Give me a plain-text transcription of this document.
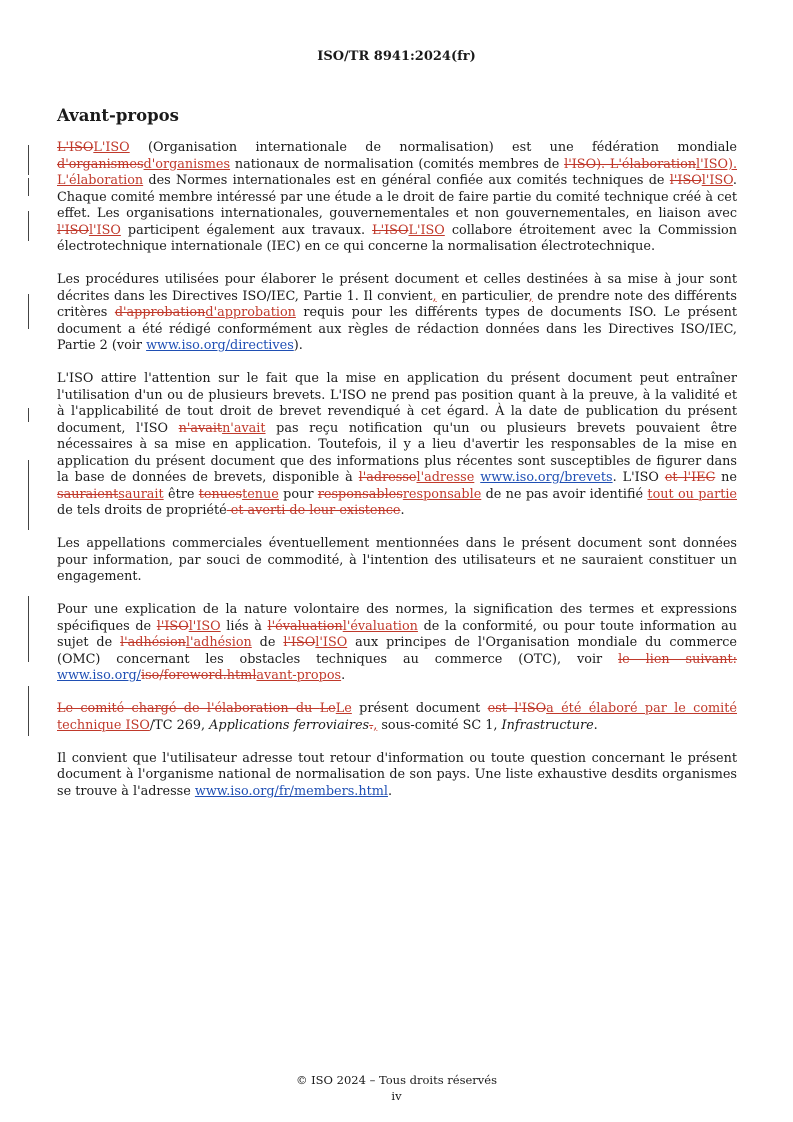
ISO/TR 8941:2024(fr)
Avant-propos

L'ISOL'ISO (Organisation internationale de normalisation) est une fédération mondiale d'organismesd'organismes nationaux de normalisation (comités membres de l'ISO). L'élaborationl'ISO). L'élaboration des Normes internationales est en général confiée aux comités techniques de l'ISOl'ISO. Chaque comité membre intéressé par une étude a le droit de faire partie du comité technique créé à cet effet. Les organisations internationales, gouvernementales et non gouvernementales, en liaison avec l'ISOl'ISO participent également aux travaux. L'ISOL'ISO collabore étroitement avec la Commission électrotechnique internationale (IEC) en ce qui concerne la normalisation électrotechnique.

Les procédures utilisées pour élaborer le présent document et celles destinées à sa mise à jour sont décrites dans les Directives ISO/IEC, Partie 1. Il convient, en particulier, de prendre note des différents critères d'approbationd'approbation requis pour les différents types de documents ISO. Le présent document a été rédigé conformément aux règles de rédaction données dans les Directives ISO/IEC, Partie 2 (voir www.iso.org/directives).

L'ISO attire l'attention sur le fait que la mise en application du présent document peut entraîner l'utilisation d'un ou de plusieurs brevets. L'ISO ne prend pas position quant à la preuve, à la validité et à l'applicabilité de tout droit de brevet revendiqué à cet égard. À la date de publication du présent document, l'ISO n'avaitn'avait pas reçu notification qu'un ou plusieurs brevets pouvaient être nécessaires à sa mise en application. Toutefois, il y a lieu d'avertir les responsables de la mise en application du présent document que des informations plus récentes sont susceptibles de figurer dans la base de données de brevets, disponible à l'adressel'adresse www.iso.org/brevets. L'ISO et l'IEC ne sauraientsaurait être tenuestenue pour responsablesresponsable de ne pas avoir identifié tout ou partie de tels droits de propriété et averti de leur existence.

Les appellations commerciales éventuellement mentionnées dans le présent document sont données pour information, par souci de commodité, à l'intention des utilisateurs et ne sauraient constituer un engagement.

Pour une explication de la nature volontaire des normes, la signification des termes et expressions spécifiques de l'ISOl'ISO liés à l'évaluationl'évaluation de la conformité, ou pour toute information au sujet de l'adhésionl'adhésion de l'ISOl'ISO aux principes de l'Organisation mondiale du commerce (OMC) concernant les obstacles techniques au commerce (OTC), voir le lien suivant: www.iso.org/iso/foreword.htmlavant-propos.

Le comité chargé de l'élaboration du LeLe présent document est l'ISOa été élaboré par le comité technique ISO/TC 269, Applications ferroviaires., sous-comité SC 1, Infrastructure.

Il convient que l'utilisateur adresse tout retour d'information ou toute question concernant le présent document à l'organisme national de normalisation de son pays. Une liste exhaustive desdits organismes se trouve à l'adresse www.iso.org/fr/members.html.

© ISO 2024 – Tous droits réservés
iv
